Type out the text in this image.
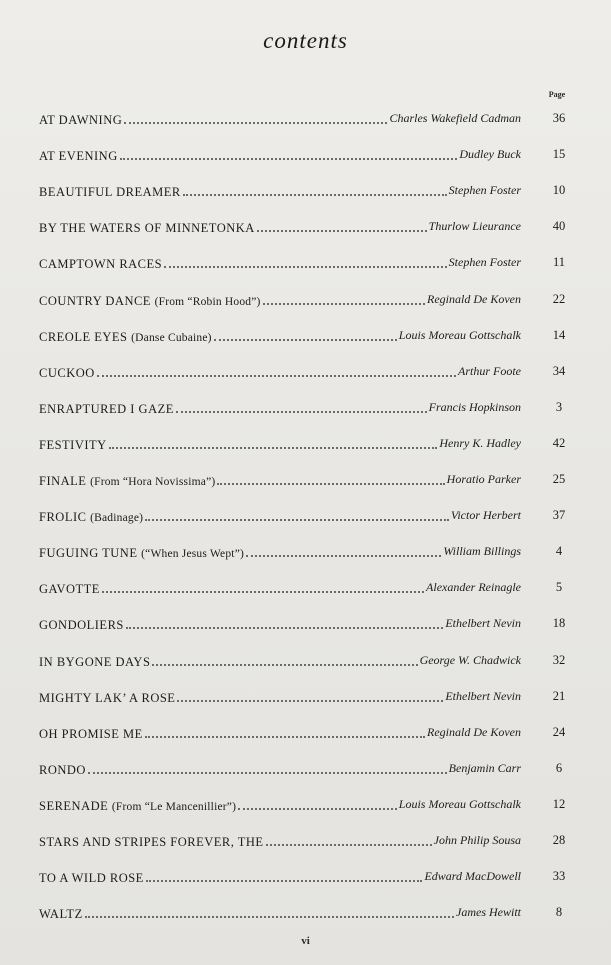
contents
Page
AT DAWNING	Charles Wakefield Cadman	36
AT EVENING	Dudley Buck	15
BEAUTIFUL DREAMER	Stephen Foster	10
BY THE WATERS OF MINNETONKA	Thurlow Lieurance	40
CAMPTOWN RACES	Stephen Foster	11
COUNTRY DANCE (From “Robin Hood”)	Reginald De Koven	22
CREOLE EYES (Danse Cubaine)	Louis Moreau Gottschalk	14
CUCKOO	Arthur Foote	34
ENRAPTURED I GAZE	Francis Hopkinson	3
FESTIVITY	Henry K. Hadley	42
FINALE (From “Hora Novissima”)	Horatio Parker	25
FROLIC (Badinage)	Victor Herbert	37
FUGUING TUNE (“When Jesus Wept”)	William Billings	4
GAVOTTE	Alexander Reinagle	5
GONDOLIERS	Ethelbert Nevin	18
IN BYGONE DAYS	George W. Chadwick	32
MIGHTY LAK’ A ROSE	Ethelbert Nevin	21
OH PROMISE ME	Reginald De Koven	24
RONDO	Benjamin Carr	6
SERENADE (From “Le Mancenillier”)	Louis Moreau Gottschalk	12
STARS AND STRIPES FOREVER, THE	John Philip Sousa	28
TO A WILD ROSE	Edward MacDowell	33
WALTZ	James Hewitt	8
vi
